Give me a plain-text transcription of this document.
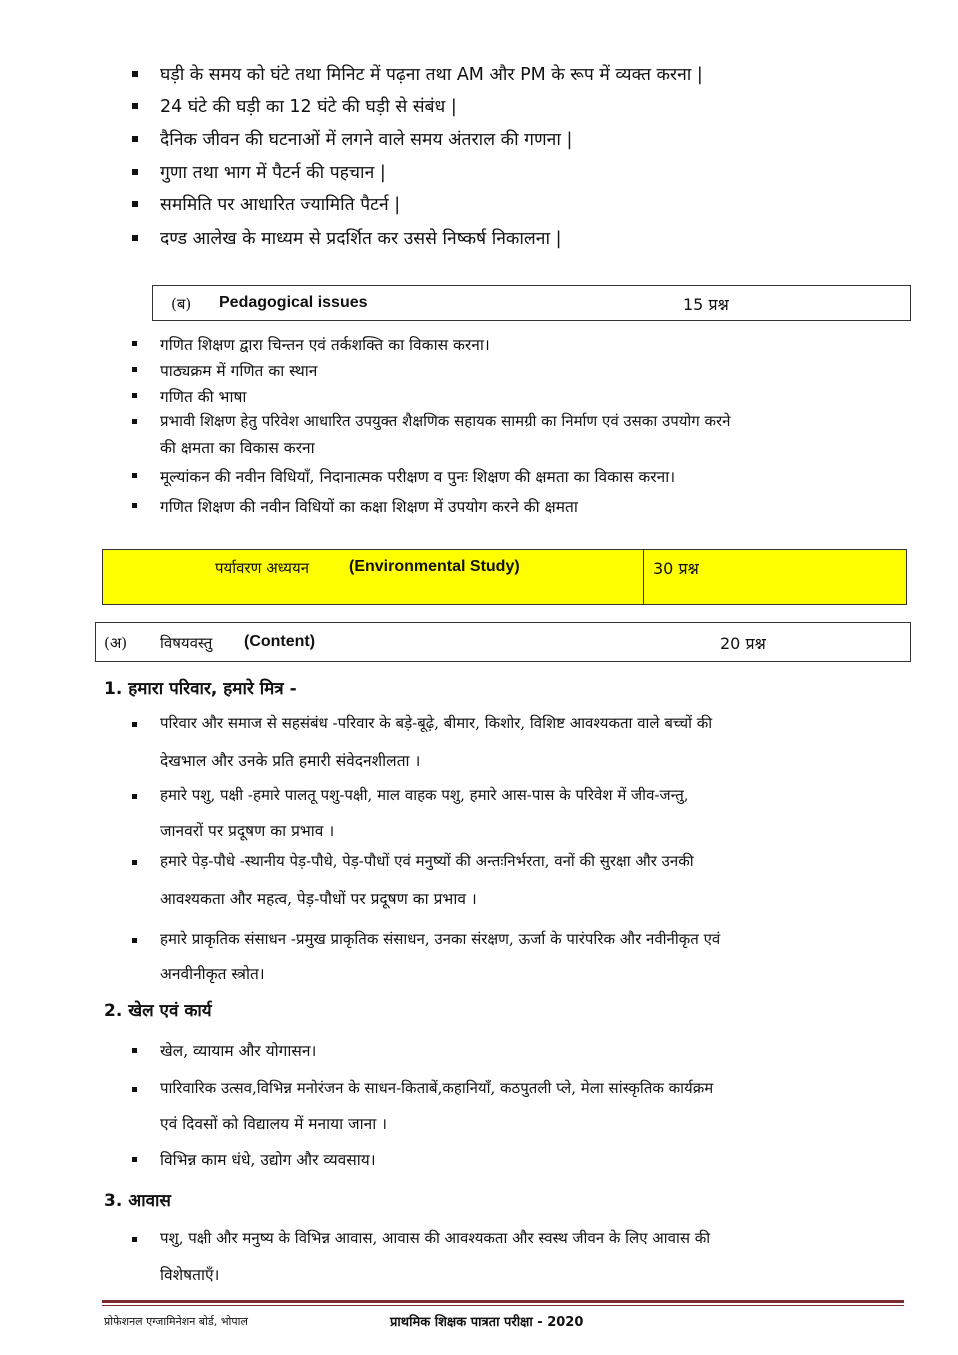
घड़ी के समय को घंटे तथा मिनिट में पढ़ना तथा AM और PM के रूप में व्यक्त करना |
24 घंटे की घड़ी का 12 घंटे की घड़ी से संबंध |
दैनिक जीवन की घटनाओं में लगने वाले समय अंतराल की गणना |
गुणा तथा भाग में पैटर्न की पहचान |
सममिति पर आधारित ज्यामिति पैटर्न |
दण्ड आलेख के माध्यम से प्रदर्शित कर उससे निष्कर्ष निकालना |
(ब) Pedagogical issues	15 प्रश्न
गणित शिक्षण द्वारा चिन्तन एवं तर्कशक्ति का विकास करना।
पाठ्यक्रम में गणित का स्थान
गणित की भाषा
प्रभावी शिक्षण हेतु परिवेश आधारित उपयुक्त शैक्षणिक सहायक सामग्री का निर्माण एवं उसका उपयोग करने
की क्षमता का विकास करना
मूल्यांकन की नवीन विधियाँ, निदानात्मक परीक्षण व पुनः शिक्षण की क्षमता का विकास करना।
गणित शिक्षण की नवीन विधियों का कक्षा शिक्षण में उपयोग करने की क्षमता
पर्यावरण अध्ययन (Environmental Study)	30 प्रश्न
(अ) विषयवस्तु (Content)	20 प्रश्न
1. हमारा परिवार, हमारे मित्र -
परिवार और समाज से सहसंबंध -परिवार के बड़े-बूढ़े, बीमार, किशोर, विशिष्ट आवश्यकता वाले बच्चों की
देखभाल और उनके प्रति हमारी संवेदनशीलता ।
हमारे पशु, पक्षी -हमारे पालतू पशु-पक्षी, माल वाहक पशु, हमारे आस-पास के परिवेश में जीव-जन्तु,
जानवरों पर प्रदूषण का प्रभाव ।
हमारे पेड़-पौधे -स्थानीय पेड़-पौधे, पेड़-पौधों एवं मनुष्यों की अन्तःनिर्भरता, वनों की सुरक्षा और उनकी
आवश्यकता और महत्व, पेड़-पौधों पर प्रदूषण का प्रभाव ।
हमारे प्राकृतिक संसाधन -प्रमुख प्राकृतिक संसाधन, उनका संरक्षण, ऊर्जा के पारंपरिक और नवीनीकृत एवं
अनवीनीकृत स्त्रोत।
2. खेल एवं कार्य
खेल, व्यायाम और योगासन।
पारिवारिक उत्सव,विभिन्न मनोरंजन के साधन-किताबें,कहानियाँ, कठपुतली प्ले, मेला सांस्कृतिक कार्यक्रम
एवं दिवसों को विद्यालय में मनाया जाना ।
विभिन्न काम धंधे, उद्योग और व्यवसाय।
3. आवास
पशु, पक्षी और मनुष्य के विभिन्न आवास, आवास की आवश्यकता और स्वस्थ जीवन के लिए आवास की
विशेषताएँ।
प्रोफेशनल एग्जामिनेशन बोर्ड, भोपाल	प्राथमिक शिक्षक पात्रता परीक्षा - 2020
